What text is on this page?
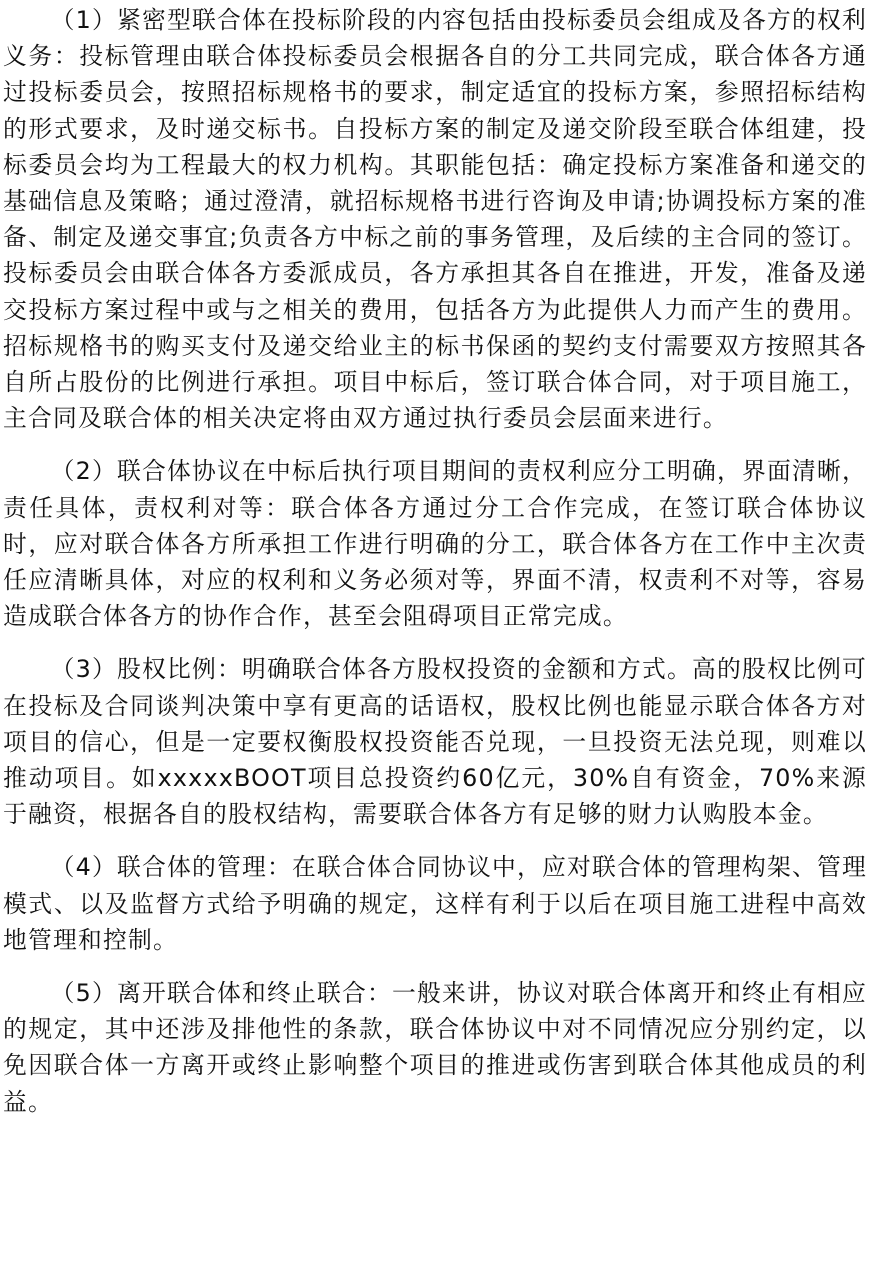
（1）紧密型联合体在投标阶段的内容包括由投标委员会组成及各方的权利义务：投标管理由联合体投标委员会根据各自的分工共同完成，联合体各方通过投标委员会，按照招标规格书的要求，制定适宜的投标方案，参照招标结构的形式要求，及时递交标书。自投标方案的制定及递交阶段至联合体组建，投标委员会均为工程最大的权力机构。其职能包括：确定投标方案准备和递交的基础信息及策略；通过澄清，就招标规格书进行咨询及申请;协调投标方案的准备、制定及递交事宜;负责各方中标之前的事务管理，及后续的主合同的签订。投标委员会由联合体各方委派成员，各方承担其各自在推进，开发，准备及递交投标方案过程中或与之相关的费用，包括各方为此提供人力而产生的费用。招标规格书的购买支付及递交给业主的标书保函的契约支付需要双方按照其各自所占股份的比例进行承担。项目中标后，签订联合体合同，对于项目施工，主合同及联合体的相关决定将由双方通过执行委员会层面来进行。

（2）联合体协议在中标后执行项目期间的责权利应分工明确，界面清晰，责任具体，责权利对等：联合体各方通过分工合作完成，在签订联合体协议时，应对联合体各方所承担工作进行明确的分工，联合体各方在工作中主次责任应清晰具体，对应的权利和义务必须对等，界面不清，权责利不对等，容易造成联合体各方的协作合作，甚至会阻碍项目正常完成。

（3）股权比例：明确联合体各方股权投资的金额和方式。高的股权比例可在投标及合同谈判决策中享有更高的话语权，股权比例也能显示联合体各方对项目的信心，但是一定要权衡股权投资能否兑现，一旦投资无法兑现，则难以推动项目。如xxxxxBOOT项目总投资约60亿元，30%自有资金，70%来源于融资，根据各自的股权结构，需要联合体各方有足够的财力认购股本金。

（4）联合体的管理：在联合体合同协议中，应对联合体的管理构架、管理模式、以及监督方式给予明确的规定，这样有利于以后在项目施工进程中高效地管理和控制。

（5）离开联合体和终止联合：一般来讲，协议对联合体离开和终止有相应的规定，其中还涉及排他性的条款，联合体协议中对不同情况应分别约定，以免因联合体一方离开或终止影响整个项目的推进或伤害到联合体其他成员的利益。
